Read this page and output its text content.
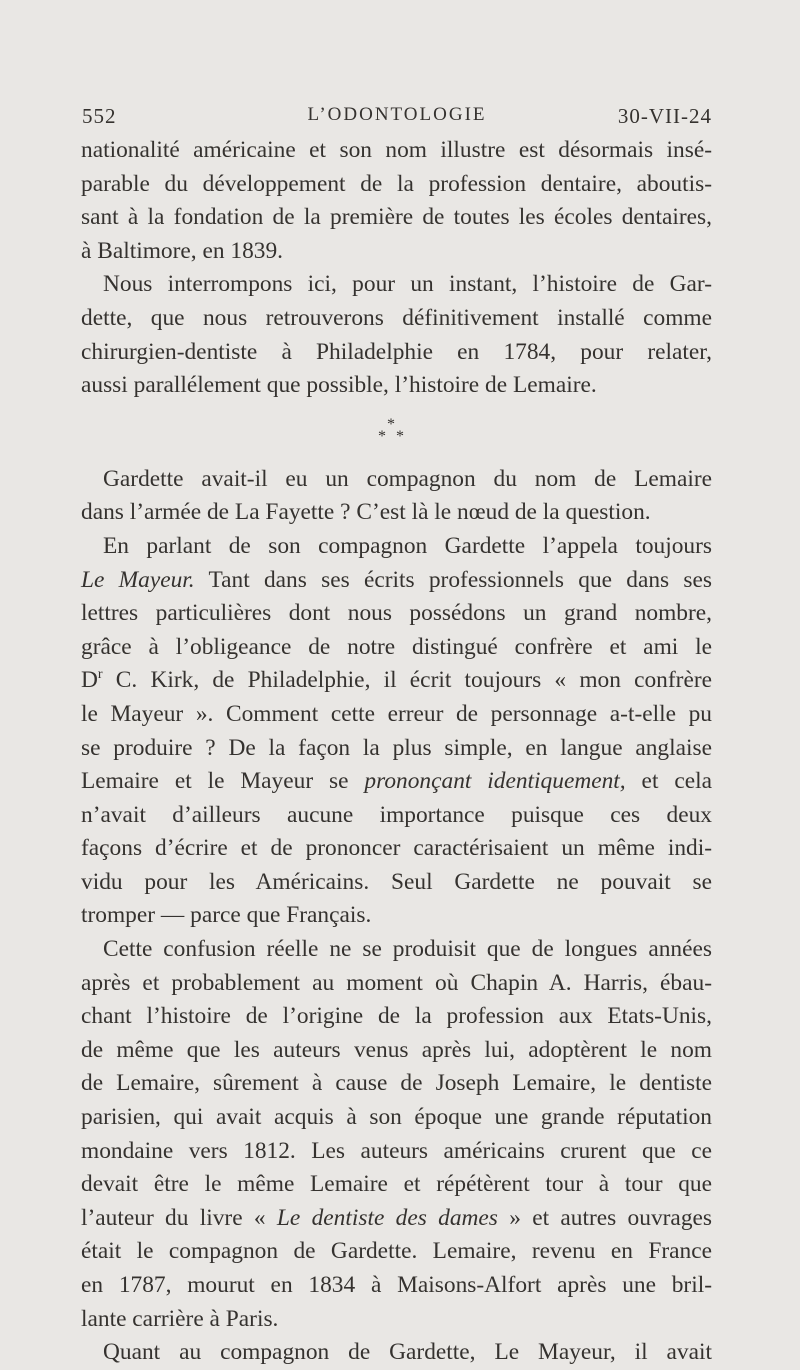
552	L’ODONTOLOGIE	30-VII-24
nationalité américaine et son nom illustre est désormais insé-
parable du développement de la profession dentaire, aboutis-
sant à la fondation de la première de toutes les écoles dentaires,
à Baltimore, en 1839.
Nous interrompons ici, pour un instant, l’histoire de Gar-
dette, que nous retrouverons définitivement installé comme
chirurgien-dentiste à Philadelphie en 1784, pour relater,
aussi parallélement que possible, l’histoire de Lemaire.
*
* *
Gardette avait-il eu un compagnon du nom de Lemaire
dans l’armée de La Fayette ? C’est là le nœud de la question.
En parlant de son compagnon Gardette l’appela toujours
Le Mayeur. Tant dans ses écrits professionnels que dans ses
lettres particulières dont nous possédons un grand nombre,
grâce à l’obligeance de notre distingué confrère et ami le
$D^r$ C. Kirk, de Philadelphie, il écrit toujours « mon confrère
le Mayeur ». Comment cette erreur de personnage a-t-elle pu
se produire ? De la façon la plus simple, en langue anglaise
Lemaire et le Mayeur se prononçant identiquement, et cela
n’avait d’ailleurs aucune importance puisque ces deux
façons d’écrire et de prononcer caractérisaient un même indi-
vidu pour les Américains. Seul Gardette ne pouvait se
tromper — parce que Français.
Cette confusion réelle ne se produisit que de longues années
après et probablement au moment où Chapin A. Harris, ébau-
chant l’histoire de l’origine de la profession aux Etats-Unis,
de même que les auteurs venus après lui, adoptèrent le nom
de Lemaire, sûrement à cause de Joseph Lemaire, le dentiste
parisien, qui avait acquis à son époque une grande réputation
mondaine vers 1812. Les auteurs américains crurent que ce
devait être le même Lemaire et répétèrent tour à tour que
l’auteur du livre « Le dentiste des dames » et autres ouvrages
était le compagnon de Gardette. Lemaire, revenu en France
en 1787, mourut en 1834 à Maisons-Alfort après une bril-
lante carrière à Paris.
Quant au compagnon de Gardette, Le Mayeur, il avait
